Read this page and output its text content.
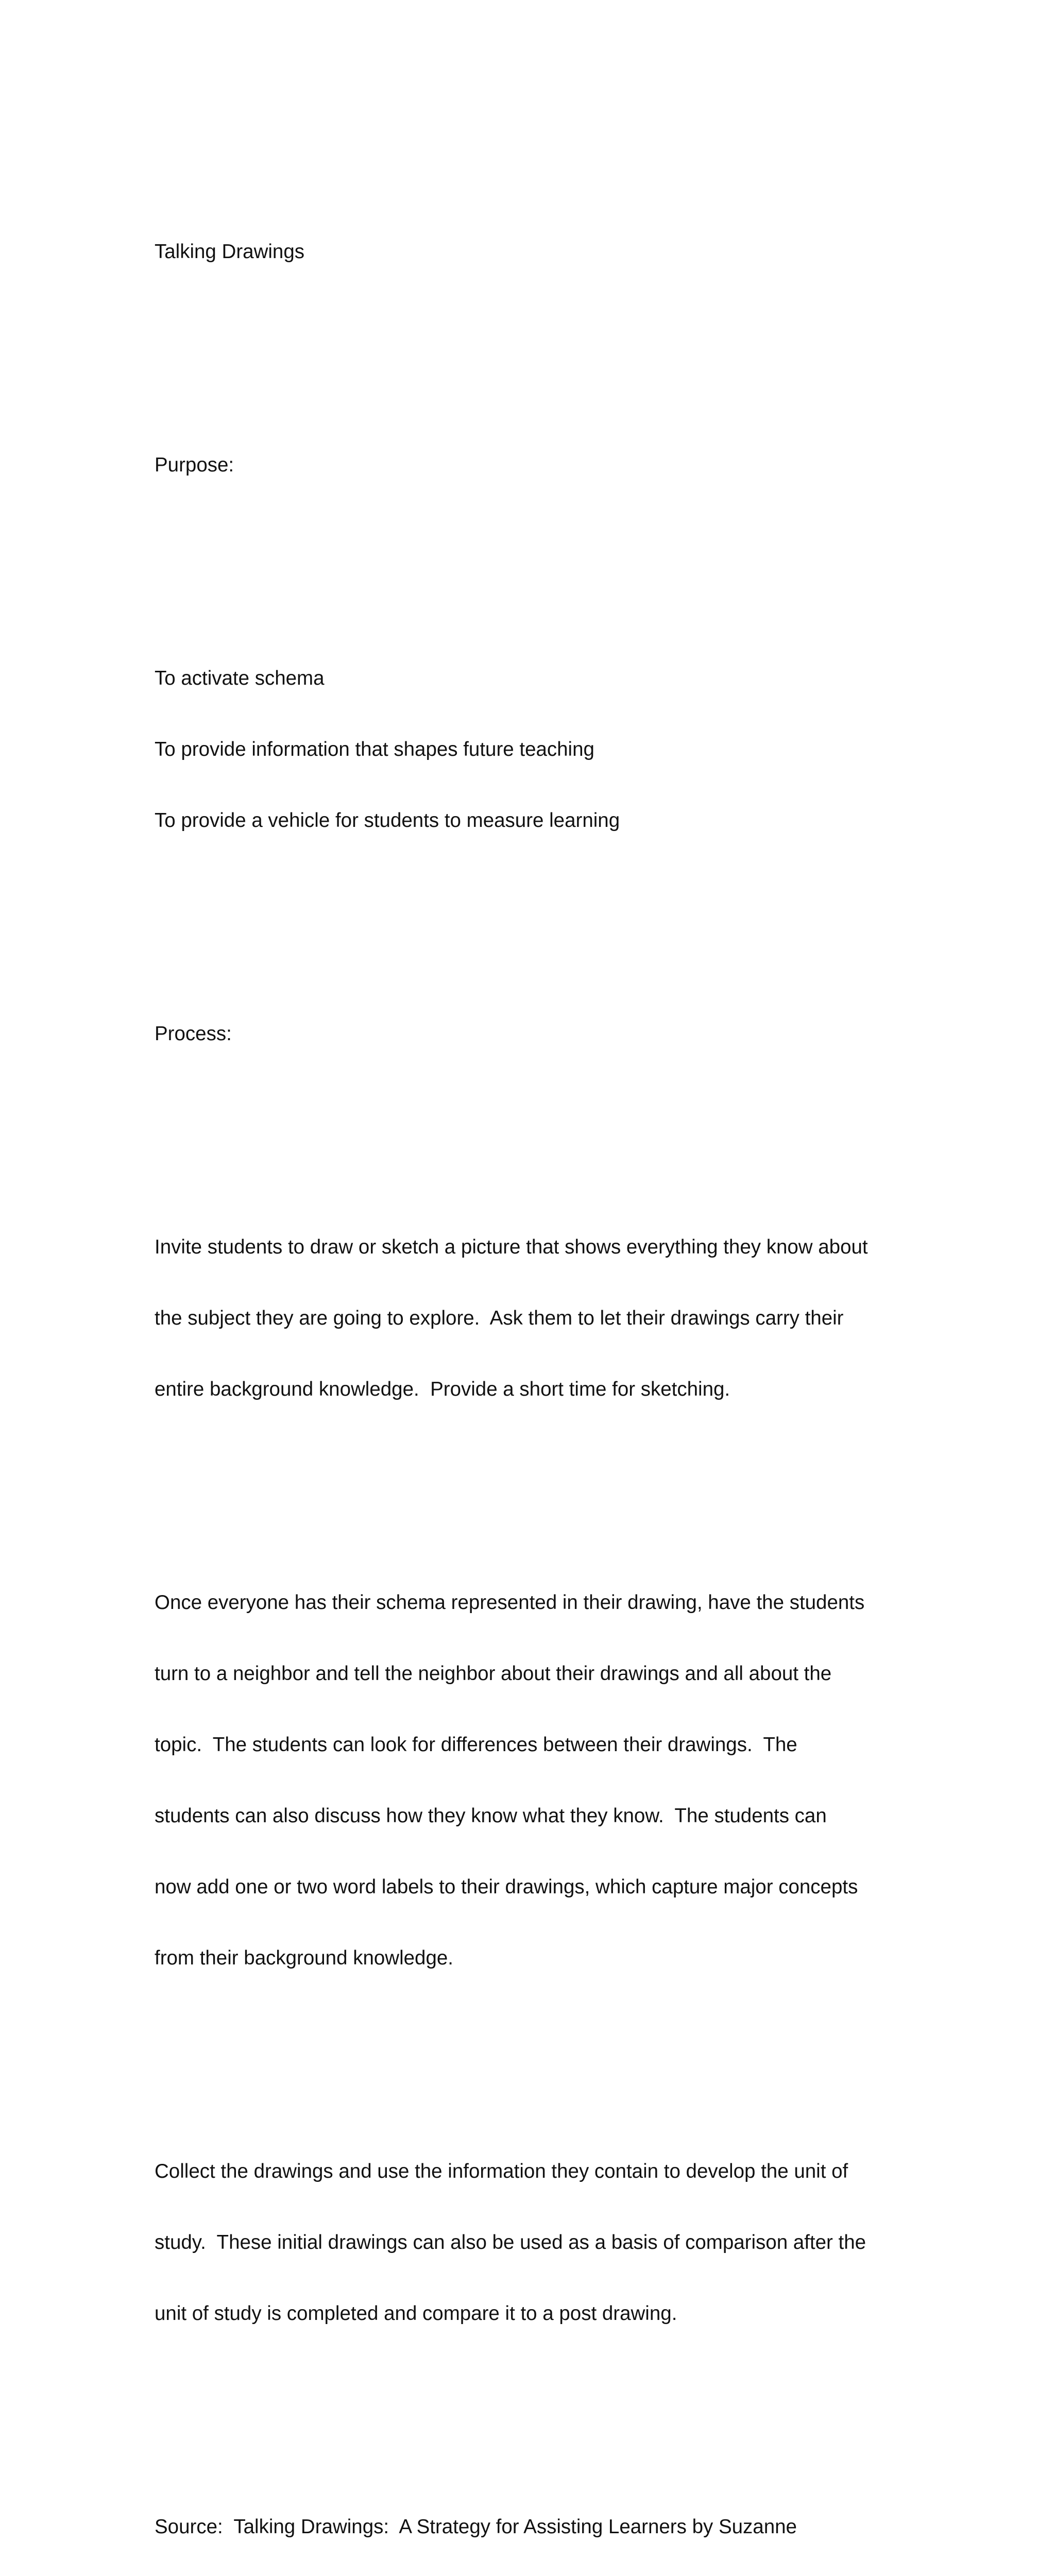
Talking Drawings

Purpose:

To activate schema

To provide information that shapes future teaching

To provide a vehicle for students to measure learning

Process:

Invite students to draw or sketch a picture that shows everything they know about

the subject they are going to explore.  Ask them to let their drawings carry their

entire background knowledge.  Provide a short time for sketching.

Once everyone has their schema represented in their drawing, have the students

turn to a neighbor and tell the neighbor about their drawings and all about the

topic.  The students can look for differences between their drawings.  The

students can also discuss how they know what they know.  The students can

now add one or two word labels to their drawings, which capture major concepts

from their background knowledge.

Collect the drawings and use the information they contain to develop the unit of

study.  These initial drawings can also be used as a basis of comparison after the

unit of study is completed and compare it to a post drawing.

Source:  Talking Drawings:  A Strategy for Assisting Learners by Suzanne
